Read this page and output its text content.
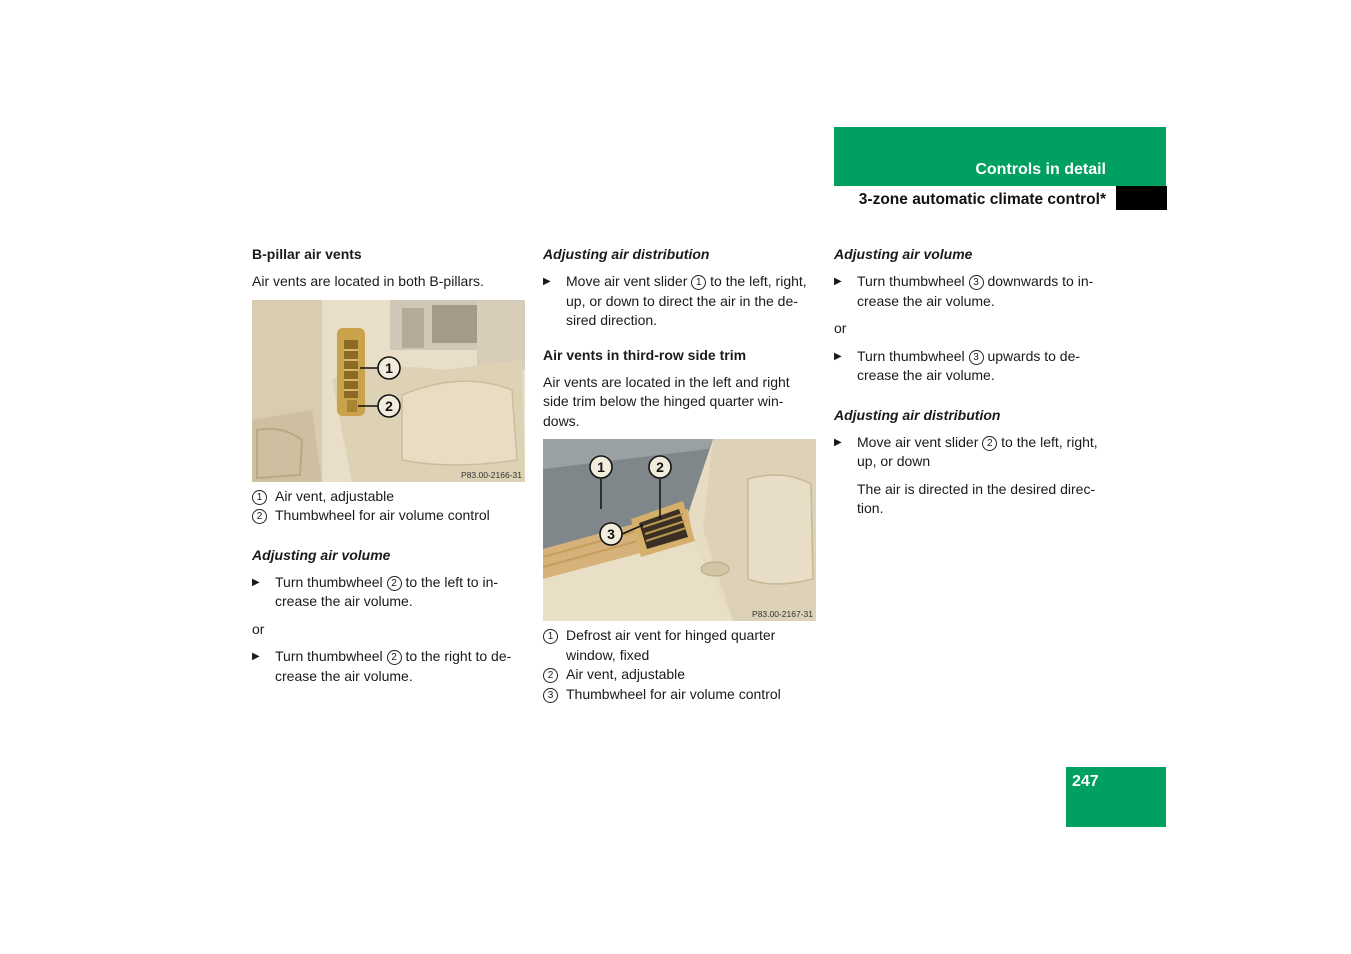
Controls in detail
3-zone automatic climate control*
B-pillar air vents

Air vents are located in both B-pillars.

1
2
P83.00-2166-31
1 Air vent, adjustable
2 Thumbwheel for air volume control
Adjusting air volume
▶ Turn thumbwheel 2 to the left to in-crease the air volume.

or

▶ Turn thumbwheel 2 to the right to de-crease the air volume.
Adjusting air distribution
▶ Move air vent slider 1 to the left, right, up, or down to direct the air in the de-sired direction.
Air vents in third-row side trim

Air vents are located in the left and right side trim below the hinged quarter win-dows.

1	2
3
P83.00-2167-31
1 Defrost air vent for hinged quarter window, fixed
2 Air vent, adjustable
3 Thumbwheel for air volume control
Adjusting air volume
▶ Turn thumbwheel 3 downwards to in-crease the air volume.

or

▶ Turn thumbwheel 3 upwards to de-crease the air volume.
Adjusting air distribution
▶ Move air vent slider 2 to the left, right, up, or down

The air is directed in the desired direc-tion.

247
